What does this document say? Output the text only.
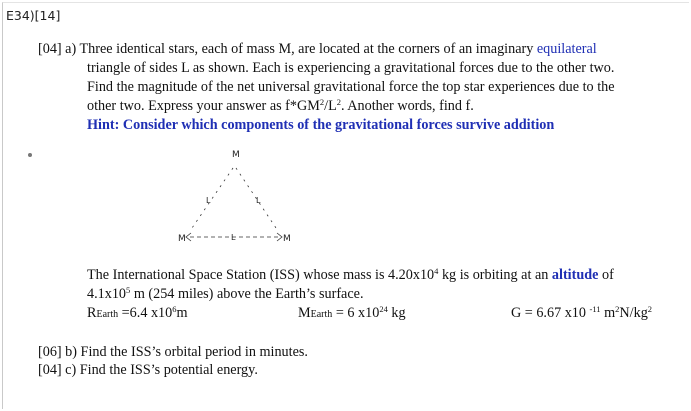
E34)[14]
[04] a) Three identical stars, each of mass M, are located at the corners of an imaginary equilateral
triangle of sides L as shown. Each is experiencing a gravitational forces due to the other two.
Find the magnitude of the net universal gravitational force the top star experiences due to the
other two. Express your answer as $f*GM^2/L^2$. Another words, find f.
Hint: Consider which components of the gravitational forces survive addition
M
M	M
L	L
L
The International Space Station (ISS) whose mass is $4.20x10^4$ kg is orbiting at an altitude of
$4.1x10^5$ m (254 miles) above the Earth’s surface.
REarth =6.4 $x10^6m$	MEarth = 6 $x10^{24}$ kg	G = 6.67 x10 $^{-11}$ $m^2N/kg^2$
[06] b) Find the ISS’s orbital period in minutes.
[04] c) Find the ISS’s potential energy.
